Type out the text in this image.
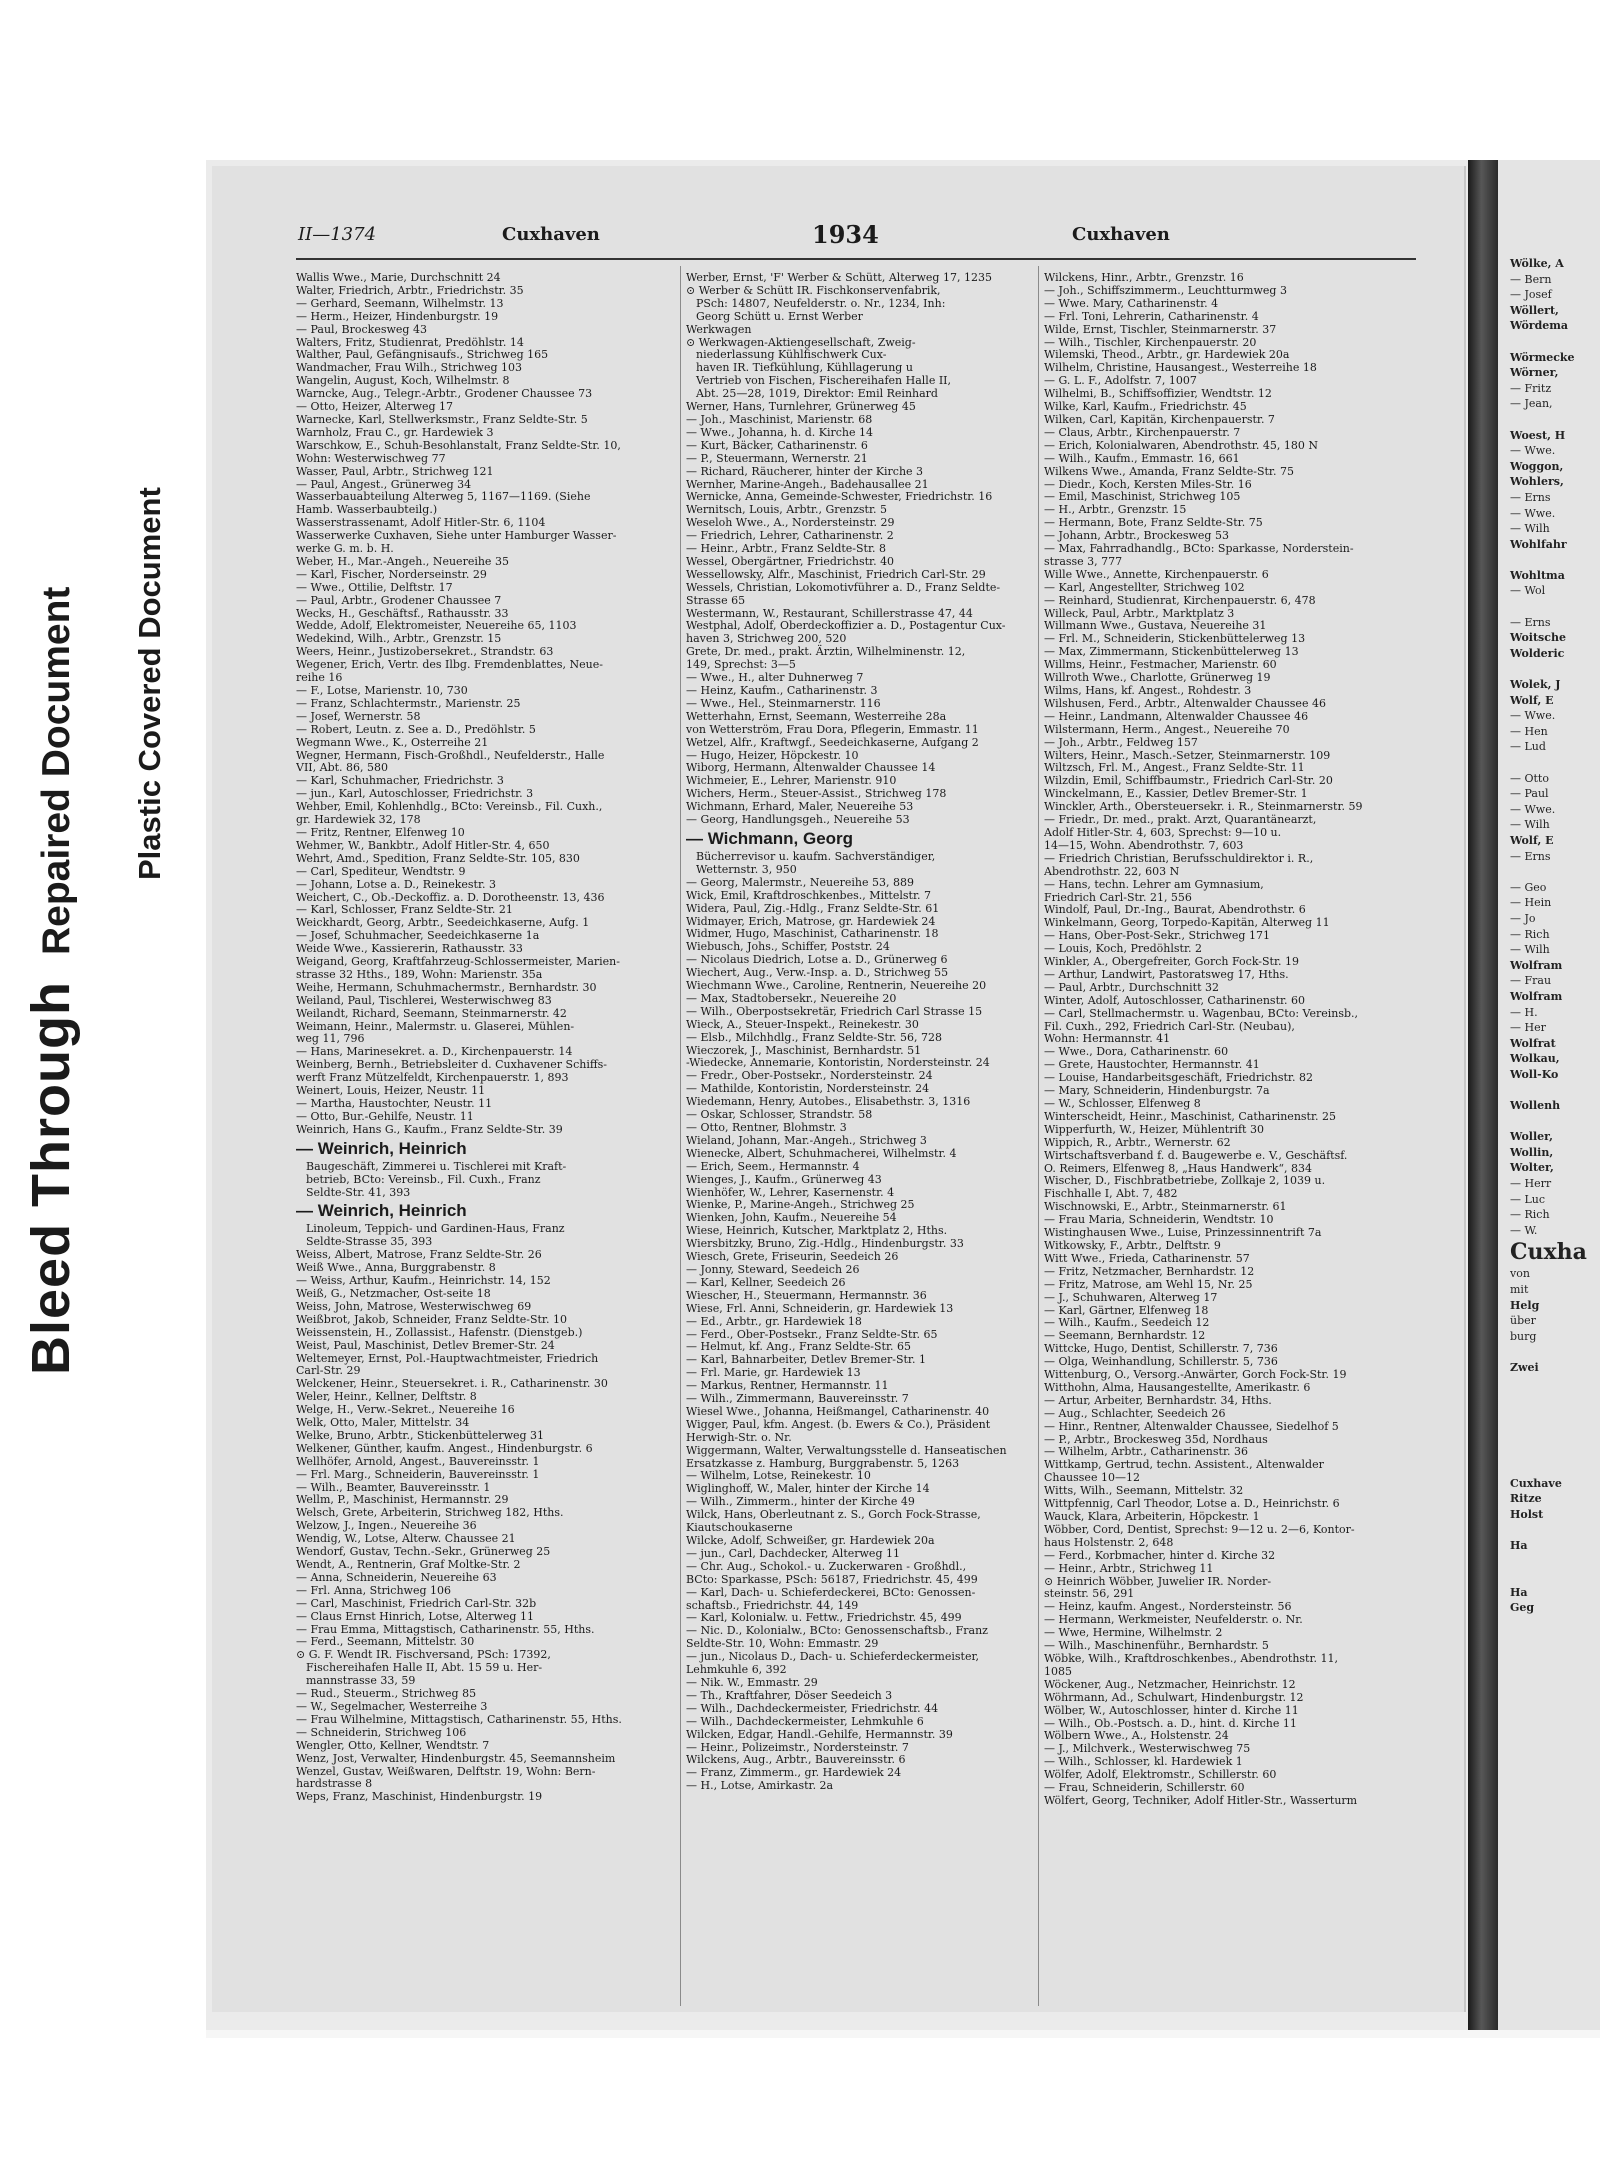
Bleed ThroughRepaired Document Plastic Covered Document
II—1374	Cuxhaven	1934	Cuxhaven
Wallis Wwe., Marie, Durchschnitt 24
Walter, Friedrich, Arbtr., Friedrichstr. 35
— Gerhard, Seemann, Wilhelmstr. 13
— Herm., Heizer, Hindenburgstr. 19
— Paul, Brockesweg 43
Walters, Fritz, Studienrat, Predöhlstr. 14
Walther, Paul, Gefängnisaufs., Strichweg 165
Wandmacher, Frau Wilh., Strichweg 103
Wangelin, August, Koch, Wilhelmstr. 8
Warncke, Aug., Telegr.-Arbtr., Grodener Chaussee 73
— Otto, Heizer, Alterweg 17
Warnecke, Karl, Stellwerksmstr., Franz Seldte-Str. 5
Warnholz, Frau C., gr. Hardewiek 3
Warschkow, E., Schuh-Besohlanstalt, Franz Seldte-Str. 10,
Wohn: Westerwischweg 77
Wasser, Paul, Arbtr., Strichweg 121
— Paul, Angest., Grünerweg 34
Wasserbauabteilung Alterweg 5, 1167—1169. (Siehe
Hamb. Wasserbaubteilg.)
Wasserstrassenamt, Adolf Hitler-Str. 6, 1104
Wasserwerke Cuxhaven, Siehe unter Hamburger Wasser-
werke G. m. b. H.
Weber, H., Mar.-Angeh., Neuereihe 35
— Karl, Fischer, Norderseinstr. 29
— Wwe., Ottilie, Delftstr. 17
— Paul, Arbtr., Grodener Chaussee 7
Wecks, H., Geschäftsf., Rathausstr. 33
Wedde, Adolf, Elektromeister, Neuereihe 65, 1103
Wedekind, Wilh., Arbtr., Grenzstr. 15
Weers, Heinr., Justizobersekret., Strandstr. 63
Wegener, Erich, Vertr. des Ilbg. Fremdenblattes, Neue-
reihe 16
— F., Lotse, Marienstr. 10, 730
— Franz, Schlachtermstr., Marienstr. 25
— Josef, Wernerstr. 58
— Robert, Leutn. z. See a. D., Predöhlstr. 5
Wegmann Wwe., K., Osterreihe 21
Wegner, Hermann, Fisch-Großhdl., Neufelderstr., Halle
VII, Abt. 86, 580
— Karl, Schuhmacher, Friedrichstr. 3
— jun., Karl, Autoschlosser, Friedrichstr. 3
Wehber, Emil, Kohlenhdlg., BCto: Vereinsb., Fil. Cuxh.,
gr. Hardewiek 32, 178
— Fritz, Rentner, Elfenweg 10
Wehmer, W., Bankbtr., Adolf Hitler-Str. 4, 650
Wehrt, Amd., Spedition, Franz Seldte-Str. 105, 830
— Carl, Spediteur, Wendtstr. 9
— Johann, Lotse a. D., Reinekestr. 3
Weichert, C., Ob.-Deckoffiz. a. D. Dorotheenstr. 13, 436
— Karl, Schlosser, Franz Seldte-Str. 21
Weickhardt, Georg, Arbtr., Seedeichkaserne, Aufg. 1
— Josef, Schuhmacher, Seedeichkaserne 1a
Weide Wwe., Kassiererin, Rathausstr. 33
Weigand, Georg, Kraftfahrzeug-Schlossermeister, Marien-
strasse 32 Hths., 189, Wohn: Marienstr. 35a
Weihe, Hermann, Schuhmachermstr., Bernhardstr. 30
Weiland, Paul, Tischlerei, Westerwischweg 83
Weilandt, Richard, Seemann, Steinmarnerstr. 42
Weimann, Heinr., Malermstr. u. Glaserei, Mühlen-
weg 11, 796
— Hans, Marinesekret. a. D., Kirchenpauerstr. 14
Weinberg, Bernh., Betriebsleiter d. Cuxhavener Schiffs-
werft Franz Mützelfeldt, Kirchenpauerstr. 1, 893
Weinert, Louis, Heizer, Neustr. 11
— Martha, Haustochter, Neustr. 11
— Otto, Bur.-Gehilfe, Neustr. 11
Weinrich, Hans G., Kaufm., Franz Seldte-Str. 39
— Weinrich, Heinrich
Baugeschäft, Zimmerei u. Tischlerei mit Kraft-
betrieb, BCto: Vereinsb., Fil. Cuxh., Franz
Seldte-Str. 41, 393
— Weinrich, Heinrich
Linoleum, Teppich- und Gardinen-Haus, Franz
Seldte-Strasse 35, 393
Weiss, Albert, Matrose, Franz Seldte-Str. 26
Weiß Wwe., Anna, Burggrabenstr. 8
— Weiss, Arthur, Kaufm., Heinrichstr. 14, 152
Weiß, G., Netzmacher, Ost-seite 18
Weiss, John, Matrose, Westerwischweg 69
Weißbrot, Jakob, Schneider, Franz Seldte-Str. 10
Weissenstein, H., Zollassist., Hafenstr. (Dienstgeb.)
Weist, Paul, Maschinist, Detlev Bremer-Str. 24
Weltemeyer, Ernst, Pol.-Hauptwachtmeister, Friedrich
Carl-Str. 29
Welckener, Heinr., Steuersekret. i. R., Catharinenstr. 30
Weler, Heinr., Kellner, Delftstr. 8
Welge, H., Verw.-Sekret., Neuereihe 16
Welk, Otto, Maler, Mittelstr. 34
Welke, Bruno, Arbtr., Stickenbüttelerweg 31
Welkener, Günther, kaufm. Angest., Hindenburgstr. 6
Wellhöfer, Arnold, Angest., Bauvereinsstr. 1
— Frl. Marg., Schneiderin, Bauvereinsstr. 1
— Wilh., Beamter, Bauvereinsstr. 1
Wellm, P., Maschinist, Hermannstr. 29
Welsch, Grete, Arbeiterin, Strichweg 182, Hths.
Welzow, J., Ingen., Neuereihe 36
Wendig, W., Lotse, Alterw. Chaussee 21
Wendorf, Gustav, Techn.-Sekr., Grünerweg 25
Wendt, A., Rentnerin, Graf Moltke-Str. 2
— Anna, Schneiderin, Neuereihe 63
— Frl. Anna, Strichweg 106
— Carl, Maschinist, Friedrich Carl-Str. 32b
— Claus Ernst Hinrich, Lotse, Alterweg 11
— Frau Emma, Mittagstisch, Catharinenstr. 55, Hths.
— Ferd., Seemann, Mittelstr. 30
⊙ G. F. Wendt IR. Fischversand, PSch: 17392,
Fischereihafen Halle II, Abt. 15 59 u. Her-
mannstrasse 33, 59
— Rud., Steuerm., Strichweg 85
— W., Segelmacher, Westerreihe 3
— Frau Wilhelmine, Mittagstisch, Catharinenstr. 55, Hths.
— Schneiderin, Strichweg 106
Wengler, Otto, Kellner, Wendtstr. 7
Wenz, Jost, Verwalter, Hindenburgstr. 45, Seemannsheim
Wenzel, Gustav, Weißwaren, Delftstr. 19, Wohn: Bern-
hardstrasse 8
Weps, Franz, Maschinist, Hindenburgstr. 19
Werber, Ernst, 'F' Werber & Schütt, Alterweg 17, 1235
⊙ Werber & Schütt IR. Fischkonservenfabrik,
PSch: 14807, Neufelderstr. o. Nr., 1234, Inh:
Georg Schütt u. Ernst Werber
Werkwagen
⊙ Werkwagen-Aktiengesellschaft, Zweig-
niederlassung Kühlfischwerk Cux-
haven IR. Tiefkühlung, Kühllagerung u
Vertrieb von Fischen, Fischereihafen Halle II,
Abt. 25—28, 1019, Direktor: Emil Reinhard
Werner, Hans, Turnlehrer, Grünerweg 45
— Joh., Maschinist, Marienstr. 68
— Wwe., Johanna, h. d. Kirche 14
— Kurt, Bäcker, Catharinenstr. 6
— P., Steuermann, Wernerstr. 21
— Richard, Räucherer, hinter der Kirche 3
Wernher, Marine-Angeh., Badehausallee 21
Wernicke, Anna, Gemeinde-Schwester, Friedrichstr. 16
Wernitsch, Louis, Arbtr., Grenzstr. 5
Weseloh Wwe., A., Nordersteinstr. 29
— Friedrich, Lehrer, Catharinenstr. 2
— Heinr., Arbtr., Franz Seldte-Str. 8
Wessel, Obergärtner, Friedrichstr. 40
Wessellowsky, Alfr., Maschinist, Friedrich Carl-Str. 29
Wessels, Christian, Lokomotivführer a. D., Franz Seldte-
Strasse 65
Westermann, W., Restaurant, Schillerstrasse 47, 44
Westphal, Adolf, Oberdeckoffizier a. D., Postagentur Cux-
haven 3, Strichweg 200, 520
Grete, Dr. med., prakt. Ärztin, Wilhelminenstr. 12,
149, Sprechst: 3—5
— Wwe., H., alter Duhnerweg 7
— Heinz, Kaufm., Catharinenstr. 3
— Wwe., Hel., Steinmarnerstr. 116
Wetterhahn, Ernst, Seemann, Westerreihe 28a
von Wetterström, Frau Dora, Pflegerin, Emmastr. 11
Wetzel, Alfr., Kraftwgf., Seedeichkaserne, Aufgang 2
— Hugo, Heizer, Höpckestr. 10
Wiborg, Hermann, Altenwalder Chaussee 14
Wichmeier, E., Lehrer, Marienstr. 910
Wichers, Herm., Steuer-Assist., Strichweg 178
Wichmann, Erhard, Maler, Neuereihe 53
— Georg, Handlungsgeh., Neuereihe 53
— Wichmann, Georg
Bücherrevisor u. kaufm. Sachverständiger,
Wetternstr. 3, 950
— Georg, Malermstr., Neuereihe 53, 889
Wick, Emil, Kraftdroschkenbes., Mittelstr. 7
Widera, Paul, Zig.-Hdlg., Franz Seldte-Str. 61
Widmayer, Erich, Matrose, gr. Hardewiek 24
Widmer, Hugo, Maschinist, Catharinenstr. 18
Wiebusch, Johs., Schiffer, Poststr. 24
— Nicolaus Diedrich, Lotse a. D., Grünerweg 6
Wiechert, Aug., Verw.-Insp. a. D., Strichweg 55
Wiechmann Wwe., Caroline, Rentnerin, Neuereihe 20
— Max, Stadtobersekr., Neuereihe 20
— Wilh., Oberpostsekretär, Friedrich Carl Strasse 15
Wieck, A., Steuer-Inspekt., Reinekestr. 30
— Elsb., Milchhdlg., Franz Seldte-Str. 56, 728
Wieczorek, J., Maschinist, Bernhardstr. 51
-Wiedecke, Annemarie, Kontoristin, Nordersteinstr. 24
— Fredr., Ober-Postsekr., Nordersteinstr. 24
— Mathilde, Kontoristin, Nordersteinstr. 24
Wiedemann, Henry, Autobes., Elisabethstr. 3, 1316
— Oskar, Schlosser, Strandstr. 58
— Otto, Rentner, Blohmstr. 3
Wieland, Johann, Mar.-Angeh., Strichweg 3
Wienecke, Albert, Schuhmacherei, Wilhelmstr. 4
— Erich, Seem., Hermannstr. 4
Wienges, J., Kaufm., Grünerweg 43
Wienhöfer, W., Lehrer, Kasernenstr. 4
Wienke, P., Marine-Angeh., Strichweg 25
Wienken, John, Kaufm., Neuereihe 54
Wiese, Heinrich, Kutscher, Marktplatz 2, Hths.
Wiersbitzky, Bruno, Zig.-Hdlg., Hindenburgstr. 33
Wiesch, Grete, Friseurin, Seedeich 26
— Jonny, Steward, Seedeich 26
— Karl, Kellner, Seedeich 26
Wiescher, H., Steuermann, Hermannstr. 36
Wiese, Frl. Anni, Schneiderin, gr. Hardewiek 13
— Ed., Arbtr., gr. Hardewiek 18
— Ferd., Ober-Postsekr., Franz Seldte-Str. 65
— Helmut, kf. Ang., Franz Seldte-Str. 65
— Karl, Bahnarbeiter, Detlev Bremer-Str. 1
— Frl. Marie, gr. Hardewiek 13
— Markus, Rentner, Hermannstr. 11
— Wilh., Zimmermann, Bauvereinsstr. 7
Wiesel Wwe., Johanna, Heißmangel, Catharinenstr. 40
Wigger, Paul, kfm. Angest. (b. Ewers & Co.), Präsident
Herwigh-Str. o. Nr.
Wiggermann, Walter, Verwaltungsstelle d. Hanseatischen
Ersatzkasse z. Hamburg, Burggrabenstr. 5, 1263
— Wilhelm, Lotse, Reinekestr. 10
Wiglinghoff, W., Maler, hinter der Kirche 14
— Wilh., Zimmerm., hinter der Kirche 49
Wilck, Hans, Oberleutnant z. S., Gorch Fock-Strasse,
Kiautschoukaserne
Wilcke, Adolf, Schweißer, gr. Hardewiek 20a
— jun., Carl, Dachdecker, Alterweg 11
— Chr. Aug., Schokol.- u. Zuckerwaren - Großhdl.,
BCto: Sparkasse, PSch: 56187, Friedrichstr. 45, 499
— Karl, Dach- u. Schieferdeckerei, BCto: Genossen-
schaftsb., Friedrichstr. 44, 149
— Karl, Kolonialw. u. Fettw., Friedrichstr. 45, 499
— Nic. D., Kolonialw., BCto: Genossenschaftsb., Franz
Seldte-Str. 10, Wohn: Emmastr. 29
— jun., Nicolaus D., Dach- u. Schieferdeckermeister,
Lehmkuhle 6, 392
— Nik. W., Emmastr. 29
— Th., Kraftfahrer, Döser Seedeich 3
— Wilh., Dachdeckermeister, Friedrichstr. 44
— Wilh., Dachdeckermeister, Lehmkuhle 6
Wilcken, Edgar, Handl.-Gehilfe, Hermannstr. 39
— Heinr., Polizeimstr., Nordersteinstr. 7
Wilckens, Aug., Arbtr., Bauvereinsstr. 6
— Franz, Zimmerm., gr. Hardewiek 24
— H., Lotse, Amirkastr. 2a
Wilckens, Hinr., Arbtr., Grenzstr. 16
— Joh., Schiffszimmerm., Leuchtturmweg 3
— Wwe. Mary, Catharinenstr. 4
— Frl. Toni, Lehrerin, Catharinenstr. 4
Wilde, Ernst, Tischler, Steinmarnerstr. 37
— Wilh., Tischler, Kirchenpauerstr. 20
Wilemski, Theod., Arbtr., gr. Hardewiek 20a
Wilhelm, Christine, Hausangest., Westerreihe 18
— G. L. F., Adolfstr. 7, 1007
Wilhelmi, B., Schiffsoffizier, Wendtstr. 12
Wilke, Karl, Kaufm., Friedrichstr. 45
Wilken, Carl, Kapitän, Kirchenpauerstr. 7
— Claus, Arbtr., Kirchenpauerstr. 7
— Erich, Kolonialwaren, Abendrothstr. 45, 180 N
— Wilh., Kaufm., Emmastr. 16, 661
Wilkens Wwe., Amanda, Franz Seldte-Str. 75
— Diedr., Koch, Kersten Miles-Str. 16
— Emil, Maschinist, Strichweg 105
— H., Arbtr., Grenzstr. 15
— Hermann, Bote, Franz Seldte-Str. 75
— Johann, Arbtr., Brockesweg 53
— Max, Fahrradhandlg., BCto: Sparkasse, Norderstein-
strasse 3, 777
Wille Wwe., Annette, Kirchenpauerstr. 6
— Karl, Angestellter, Strichweg 102
— Reinhard, Studienrat, Kirchenpauerstr. 6, 478
Willeck, Paul, Arbtr., Marktplatz 3
Willmann Wwe., Gustava, Neuereihe 31
— Frl. M., Schneiderin, Stickenbüttelerweg 13
— Max, Zimmermann, Stickenbüttelerweg 13
Willms, Heinr., Festmacher, Marienstr. 60
Willroth Wwe., Charlotte, Grünerweg 19
Wilms, Hans, kf. Angest., Rohdestr. 3
Wilshusen, Ferd., Arbtr., Altenwalder Chaussee 46
— Heinr., Landmann, Altenwalder Chaussee 46
Wilstermann, Herm., Angest., Neuereihe 70
— Joh., Arbtr., Feldweg 157
Wilters, Heinr., Masch.-Setzer, Steinmarnerstr. 109
Wiltzsch, Frl. M., Angest., Franz Seldte-Str. 11
Wilzdin, Emil, Schiffbaumstr., Friedrich Carl-Str. 20
Winckelmann, E., Kassier, Detlev Bremer-Str. 1
Winckler, Arth., Obersteuersekr. i. R., Steinmarnerstr. 59
— Friedr., Dr. med., prakt. Arzt, Quarantänearzt,
Adolf Hitler-Str. 4, 603, Sprechst: 9—10 u.
14—15, Wohn. Abendrothstr. 7, 603
— Friedrich Christian, Berufsschuldirektor i. R.,
Abendrothstr. 22, 603 N
— Hans, techn. Lehrer am Gymnasium,
Friedrich Carl-Str. 21, 556
Windolf, Paul, Dr.-Ing., Baurat, Abendrothstr. 6
Winkelmann, Georg, Torpedo-Kapitän, Alterweg 11
— Hans, Ober-Post-Sekr., Strichweg 171
— Louis, Koch, Predöhlstr. 2
Winkler, A., Obergefreiter, Gorch Fock-Str. 19
— Arthur, Landwirt, Pastoratsweg 17, Hths.
— Paul, Arbtr., Durchschnitt 32
Winter, Adolf, Autoschlosser, Catharinenstr. 60
— Carl, Stellmachermstr. u. Wagenbau, BCto: Vereinsb.,
Fil. Cuxh., 292, Friedrich Carl-Str. (Neubau),
Wohn: Hermannstr. 41
— Wwe., Dora, Catharinenstr. 60
— Grete, Haustochter, Hermannstr. 41
— Louise, Handarbeitsgeschäft, Friedrichstr. 82
— Mary, Schneiderin, Hindenburgstr. 7a
— W., Schlosser, Elfenweg 8
Winterscheidt, Heinr., Maschinist, Catharinenstr. 25
Wipperfurth, W., Heizer, Mühlentrift 30
Wippich, R., Arbtr., Wernerstr. 62
Wirtschaftsverband f. d. Baugewerbe e. V., Geschäftsf.
O. Reimers, Elfenweg 8, „Haus Handwerk“, 834
Wischer, D., Fischbratbetriebe, Zollkaje 2, 1039 u.
Fischhalle I, Abt. 7, 482
Wischnowski, E., Arbtr., Steinmarnerstr. 61
— Frau Maria, Schneiderin, Wendtstr. 10
Wistinghausen Wwe., Luise, Prinzessinnentrift 7a
Witkowsky, F., Arbtr., Delftstr. 9
Witt Wwe., Frieda, Catharinenstr. 57
— Fritz, Netzmacher, Bernhardstr. 12
— Fritz, Matrose, am Wehl 15, Nr. 25
— J., Schuhwaren, Alterweg 17
— Karl, Gärtner, Elfenweg 18
— Wilh., Kaufm., Seedeich 12
— Seemann, Bernhardstr. 12
Wittcke, Hugo, Dentist, Schillerstr. 7, 736
— Olga, Weinhandlung, Schillerstr. 5, 736
Wittenburg, O., Versorg.-Anwärter, Gorch Fock-Str. 19
Witthohn, Alma, Hausangestellte, Amerikastr. 6
— Artur, Arbeiter, Bernhardstr. 34, Hths.
— Aug., Schlachter, Seedeich 26
— Hinr., Rentner, Altenwalder Chaussee, Siedelhof 5
— P., Arbtr., Brockesweg 35d, Nordhaus
— Wilhelm, Arbtr., Catharinenstr. 36
Wittkamp, Gertrud, techn. Assistent., Altenwalder
Chaussee 10—12
Witts, Wilh., Seemann, Mittelstr. 32
Wittpfennig, Carl Theodor, Lotse a. D., Heinrichstr. 6
Wauck, Klara, Arbeiterin, Höpckestr. 1
Wöbber, Cord, Dentist, Sprechst: 9—12 u. 2—6, Kontor-
haus Holstenstr. 2, 648
— Ferd., Korbmacher, hinter d. Kirche 32
— Heinr., Arbtr., Strichweg 11
⊙ Heinrich Wöbber, Juwelier IR. Norder-
steinstr. 56, 291
— Heinz, kaufm. Angest., Nordersteinstr. 56
— Hermann, Werkmeister, Neufelderstr. o. Nr.
— Wwe, Hermine, Wilhelmstr. 2
— Wilh., Maschinenführ., Bernhardstr. 5
Wöbke, Wilh., Kraftdroschkenbes., Abendrothstr. 11,
1085
Wöckener, Aug., Netzmacher, Heinrichstr. 12
Wöhrmann, Ad., Schulwart, Hindenburgstr. 12
Wölber, W., Autoschlosser, hinter d. Kirche 11
— Wilh., Ob.-Postsch. a. D., hint. d. Kirche 11
Wölbern Wwe., A., Holstenstr. 24
— J., Milchverk., Westerwischweg 75
— Wilh., Schlosser, kl. Hardewiek 1
Wölfer, Adolf, Elektromstr., Schillerstr. 60
— Frau, Schneiderin, Schillerstr. 60
Wölfert, Georg, Techniker, Adolf Hitler-Str., Wasserturm
Wölke, A
— Bern
— Josef
Wöllert,
Wördema

Wörmecke
Wörner,
— Fritz
— Jean,

Woest, H
— Wwe.
Woggon,
Wohlers,
— Erns
— Wwe.
— Wilh
Wohlfahr

Wohltma
— Wol

— Erns
Woitsche
Wolderic

Wolek, J
Wolf, E
— Wwe.
— Hen
— Lud

— Otto
— Paul
— Wwe.
— Wilh
Wolf, E
— Erns

— Geo
— Hein
— Jo
— Rich
— Wilh
Wolfram
— Frau
Wolfram
— H.
— Her
Wolfrat
Wolkau,
Woll-Ko

Wollenh

Woller,
Wollin,
Wolter,
— Herr
— Luc
— Rich
— W.
Cuxha
von
mit
Helg
über
burg

Zwei
Cuxhave
Ritze
Holst

Ha

Ha
Geg
